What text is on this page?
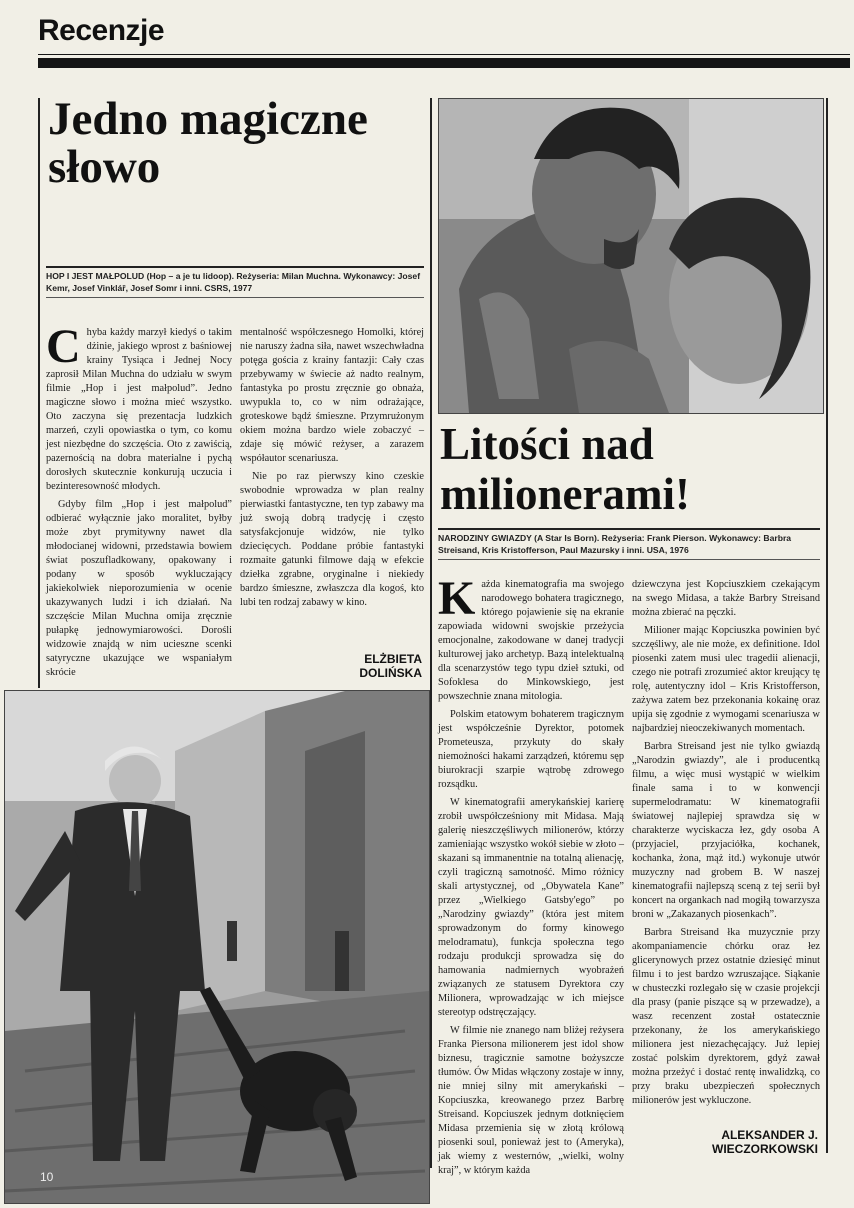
Recenzje
Jedno magiczne słowo
HOP I JEST MAŁPOLUD (Hop – a je tu lidoop). Reżyseria: Milan Muchna. Wykonawcy: Josef Kemr, Josef Vinklář, Josef Somr i inni. CSRS, 1977
C hyba każdy marzył kiedyś o takim dżinie, jakiego wprost z baśniowej krainy Tysiąca i Jednej Nocy zaprosił Milan Muchna do udziału w swym filmie „Hop i jest małpolud”. Jedno magiczne słowo i można mieć wszystko. Oto zaczyna się prezentacja ludzkich marzeń, czyli opowiastka o tym, co komu jest niezbędne do szczęścia. Oto z zawiścią, pazernością na dobra materialne i pychą dorosłych skutecznie konkurują uczucia i bezinteresowność młodych.

Gdyby film „Hop i jest małpolud” odbierać wyłącznie jako moralitet, byłby może zbyt prymitywny nawet dla młodocianej widowni, przedstawia bowiem świat poszufladkowany, opakowany i podany w sposób wykluczający jakiekolwiek nieporozumienia w ocenie ukazywanych ludzi i ich działań. Na szczęście Milan Muchna omija zręcznie pułapkę jednowymiarowości. Dorośli widzowie znajdą w nim ucieszne scenki satyryczne ukazujące we wspaniałym skrócie

mentalność współczesnego Homolki, której nie naruszy żadna siła, nawet wszechwładna potęga gościa z krainy fantazji: Cały czas przebywamy w świecie aż nadto realnym, fantastyka po prostu zręcznie go obnaża, uwypukla to, co w nim odrażające, groteskowe bądź śmieszne. Przymrużonym okiem można bardzo wiele zobaczyć – zdaje się mówić reżyser, a zarazem współautor scenariusza.

Nie po raz pierwszy kino czeskie swobodnie wprowadza w plan realny pierwiastki fantastyczne, ten typ zabawy ma już swoją dobrą tradycję i często satysfakcjonuje widzów, nie tylko dziecięcych. Poddane próbie fantastyki rozmaite gatunki filmowe dają w efekcie dziełka zgrabne, oryginalne i niekiedy bardzo śmieszne, zwłaszcza dla kogoś, kto lubi ten rodzaj zabawy w kino.

ELŻBIETA DOLIŃSKA
Litości nad milionerami!
NARODZINY GWIAZDY (A Star Is Born). Reżyseria: Frank Pierson. Wykonawcy: Barbra Streisand, Kris Kristofferson, Paul Mazursky i inni. USA, 1976
K ażda kinematografia ma swojego narodowego bohatera tragicznego, którego pojawienie się na ekranie zapowiada widowni swojskie przeżycia emocjonalne, zakodowane w danej tradycji kulturowej jako archetyp. Bazą intelektualną dla scenarzystów tego typu dzieł sztuki, od Sofoklesa do Minkowskiego, jest powszechnie znana mitologia.

Polskim etatowym bohaterem tragicznym jest współcześnie Dyrektor, potomek Prometeusza, przykuty do skały niemożności hakami zarządzeń, któremu sęp biurokracji szarpie wątrobę zdrowego rozsądku.

W kinematografii amerykańskiej karierę zrobił uwspółcześniony mit Midasa. Mają galerię nieszczęśliwych milionerów, którzy zamieniając wszystko wokół siebie w złoto – skazani są immanentnie na totalną alienację, czyli tragiczną samotność. Mimo różnicy skali artystycznej, od „Obywatela Kane” przez „Wielkiego Gatsby'ego” po „Narodziny gwiazdy” (która jest mitem sprowadzonym do formy kinowego melodramatu), funkcja społeczna tego rodzaju produkcji sprowadza się do hamowania nadmiernych wyobrażeń związanych ze statusem Dyrektora czy Milionera, wprowadzając w ich miejsce stereotyp odstręczający.

W filmie nie znanego nam bliżej reżysera Franka Piersona milionerem jest idol show biznesu, tragicznie samotne bożyszcze tłumów. Ów Midas włączony zostaje w inny, nie mniej silny mit amerykański – Kopciuszka, kreowanego przez Barbrę Streisand. Kopciuszek jednym dotknięciem Midasa przemienia się w złotą królową piosenki soul, ponieważ jest to (Ameryka), jak wiemy z westernów, „wielki, wolny kraj”, w którym każda

dziewczyna jest Kopciuszkiem czekającym na swego Midasa, a także Barbry Streisand można zbierać na pęczki.

Milioner mając Kopciuszka powinien być szczęśliwy, ale nie może, ex definitione. Idol piosenki zatem musi ulec tragedii alienacji, czego nie potrafi zrozumieć aktor kreujący tę rolę, autentyczny idol – Kris Kristofferson, zażywa zatem bez przekonania kokainę oraz upija się zgodnie z wymogami scenariusza w najbardziej nieoczekiwanych momentach.

Barbra Streisand jest nie tylko gwiazdą „Narodzin gwiazdy”, ale i producentką filmu, a więc musi wystąpić w wielkim finale sama i to w konwencji supermelodramatu: W kinematografii światowej najlepiej sprawdza się w charakterze wyciskacza łez, gdy osoba A (przyjaciel, przyjaciółka, kochanek, kochanka, żona, mąż itd.) wykonuje utwór muzyczny nad grobem B. W naszej kinematografii najlepszą sceną z tej serii był koncert na organkach nad mogiłą towarzysza broni w „Zakazanych piosenkach”.

Barbra Streisand łka muzycznie przy akompaniamencie chórku oraz łez glicerynowych przez ostatnie dziesięć minut filmu i to jest bardzo wzruszające. Siąkanie w chusteczki rozlegało się w czasie projekcji dla prasy (panie piszące są w przewadze), a wasz recenzent został ostatecznie przekonany, że los amerykańskiego milionera jest niezachęcający. Już lepiej zostać polskim dyrektorem, gdyż zawał można przeżyć i dostać rentę inwalidzką, co przy braku ubezpieczeń społecznych milionerów jest wykluczone.

ALEKSANDER J. WIECZORKOWSKI
10
